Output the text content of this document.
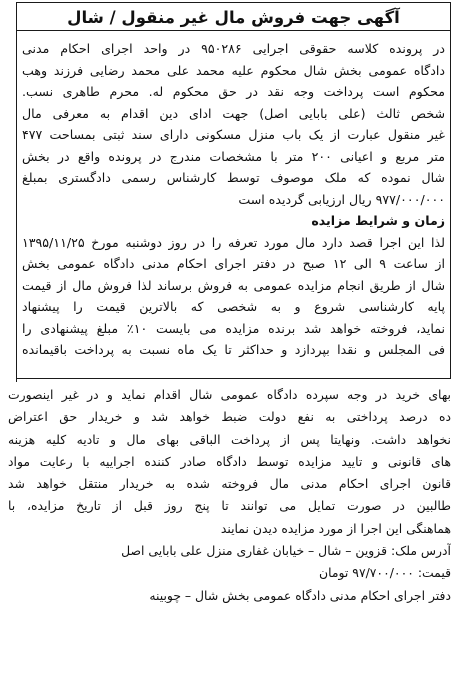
آگهی جهت فروش مال غیر منقول / شال
در پرونده کلاسه حقوقی اجرایی ۹۵۰۲۸۶ در واحد اجرای احکام مدنی
دادگاه عمومی بخش شال محکوم علیه محمد علی محمد رضایی فرزند وهب
محکوم است پرداخت وجه نقد در حق محکوم له. محرم طاهری نسب.
شخص ثالث (علی بابایی اصل) جهت ادای دین اقدام به معرفی مال
غیر منقول عبارت از یک باب منزل مسکونی دارای سند ثبتی بمساحت ۴۷۷
متر مربع و اعیانی ۲۰۰ متر با مشخصات مندرج در پرونده واقع در بخش
شال نموده که ملک موصوف توسط کارشناس رسمی دادگستری بمبلغ
۹۷۷/۰۰۰/۰۰۰ ریال ارزیابی گردیده است
زمان و شرایط مزایده
لذا این اجرا قصد دارد مال مورد تعرفه را در روز دوشنبه مورخ ۱۳۹۵/۱۱/۲۵
از ساعت ۹ الی ۱۲ صبح در دفتر اجرای احکام مدنی دادگاه عمومی بخش
شال از طریق انجام مزایده عمومی به فروش برساند لذا فروش مال از قیمت
پایه کارشناسی شروع و به شخصی که بالاترین قیمت را پیشنهاد
نماید، فروخته خواهد شد برنده مزایده می بایست ۱۰٪ مبلغ پیشنهادی را
فی المجلس و نقدا بپردازد و حداکثر تا یک ماه نسبت به پرداخت باقیمانده
بهای خرید در وجه سپرده دادگاه عمومی شال اقدام نماید و در غیر اینصورت
ده درصد پرداختی به نفع دولت ضبط خواهد شد و خریدار حق اعتراض
نخواهد داشت. ونهایتا پس از پرداخت الباقی بهای مال و تادیه کلیه هزینه
های قانونی و تایید مزایده توسط دادگاه صادر کننده اجراییه با رعایت مواد
قانون اجرای احکام مدنی مال فروخته شده به خریدار منتقل خواهد شد
طالبین در صورت تمایل می توانند تا پنج روز قبل از تاریخ مزایده، با
هماهنگی این اجرا از مورد مزایده دیدن نمایند
آدرس ملک: قزوین – شال – خیابان غفاری منزل علی بابایی اصل
قیمت: ۹۷/۷۰۰/۰۰۰ تومان
دفتر اجرای احکام مدنی دادگاه عمومی بخش شال – چوبینه
